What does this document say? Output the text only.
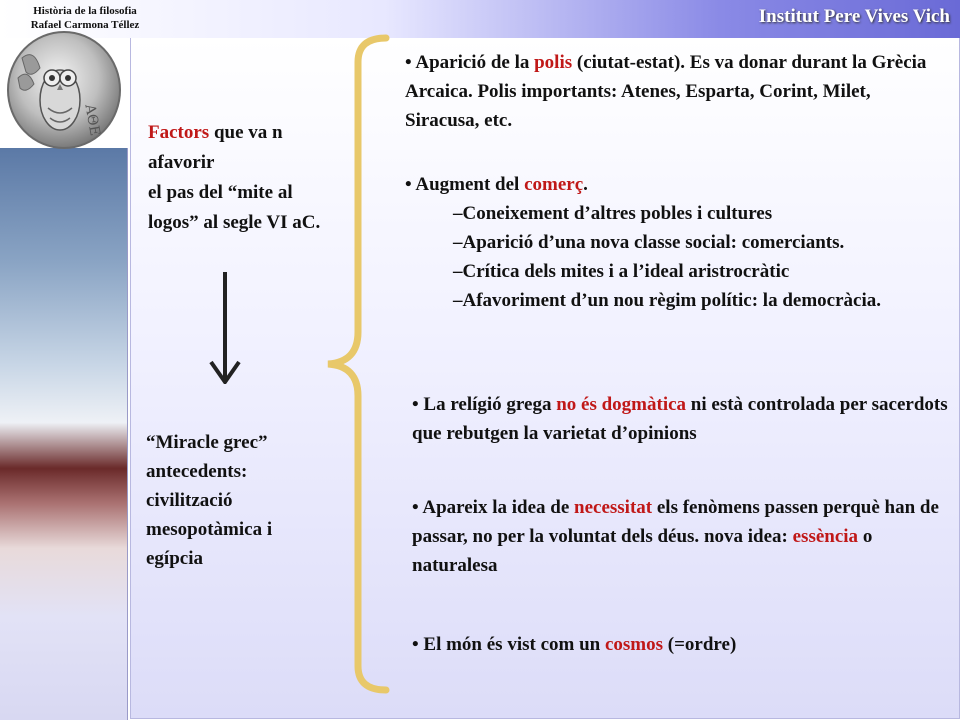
Història de la filosofia
Rafael Carmona Téllez	Institut Pere Vives Vich
ΑΘΕ Factors que va n afavorir
el pas del “mite al logos” al segle VI aC.
“Miracle grec”
antecedents: civilització mesopotàmica i egípcia
• Aparició de la polis (ciutat-estat). Es va donar durant la Grècia Arcaica. Polis importants: Atenes, Esparta, Corint, Milet, Siracusa, etc.
• Augment del comerç.
–Coneixement d’altres pobles i cultures
–Aparició d’una nova classe social: comerciants.
–Crítica dels mites i a l’ideal aristrocràtic
–Afavoriment d’un nou règim polític: la democràcia.
• La relígió grega no és dogmàtica ni està controlada per sacerdots que rebutgen la varietat d’opinions
• Apareix la idea de necessitat els fenòmens passen perquè han de passar, no per la voluntat dels déus. nova idea: essència o naturalesa
• El món és vist com un cosmos (=ordre)
